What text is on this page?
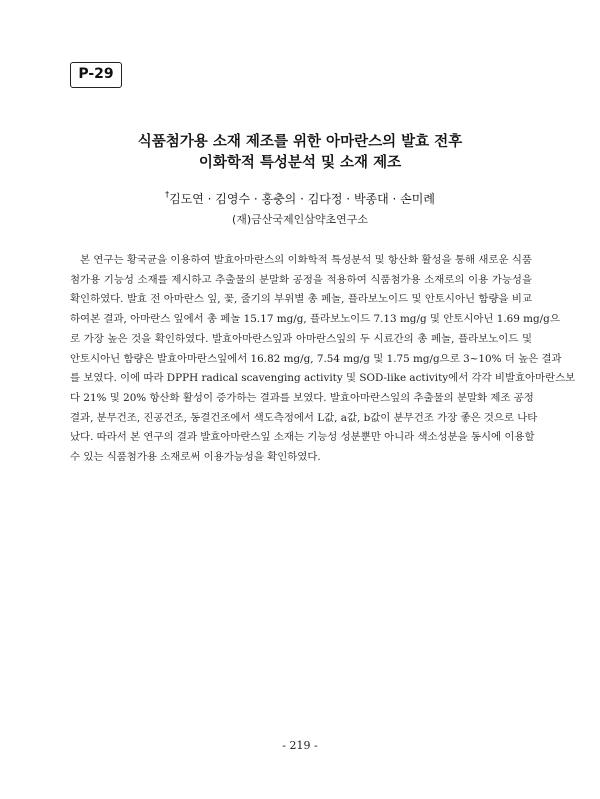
P-29
식품첨가용 소재 제조를 위한 아마란스의 발효 전후
이화학적 특성분석 및 소재 제조
†김도연 · 김영수 · 홍충의 · 김다정 · 박종대 · 손미례
(재)금산국제인삼약초연구소
본 연구는 황국균을 이용하여 발효아마란스의 이화학적 특성분석 및 항산화 활성을 통해 새로운 식품
첨가용 기능성 소재를 제시하고 추출물의 분말화 공정을 적용하여 식품첨가용 소재로의 이용 가능성을
확인하였다. 발효 전 아마란스 잎, 꽃, 줄기의 부위별 총 페놀, 플라보노이드 및 안토시아닌 함량을 비교
하여본 결과, 아마란스 잎에서 총 페놀 15.17 mg/g, 플라보노이드 7.13 mg/g 및 안토시아닌 1.69 mg/g으
로 가장 높은 것을 확인하였다. 발효아마란스잎과 아마란스잎의 두 시료간의 총 페놀, 플라보노이드 및
안토시아닌 함량은 발효아마란스잎에서 16.82 mg/g, 7.54 mg/g 및 1.75 mg/g으로 3~10% 더 높은 결과
를 보였다. 이에 따라 DPPH radical scavenging activity 및 SOD-like activity에서 각각 비발효아마란스보
다 21% 및 20% 항산화 활성이 증가하는 결과를 보였다. 발효아마란스잎의 추출물의 분말화 제조 공정
결과, 분무건조, 진공건조, 동결건조에서 색도측정에서 L값, a값, b값이 분무건조 가장 좋은 것으로 나타
났다. 따라서 본 연구의 결과 발효아마란스잎 소재는 기능성 성분뿐만 아니라 색소성분을 동시에 이용할
수 있는 식품첨가용 소재로써 이용가능성을 확인하였다.
- 219 -
